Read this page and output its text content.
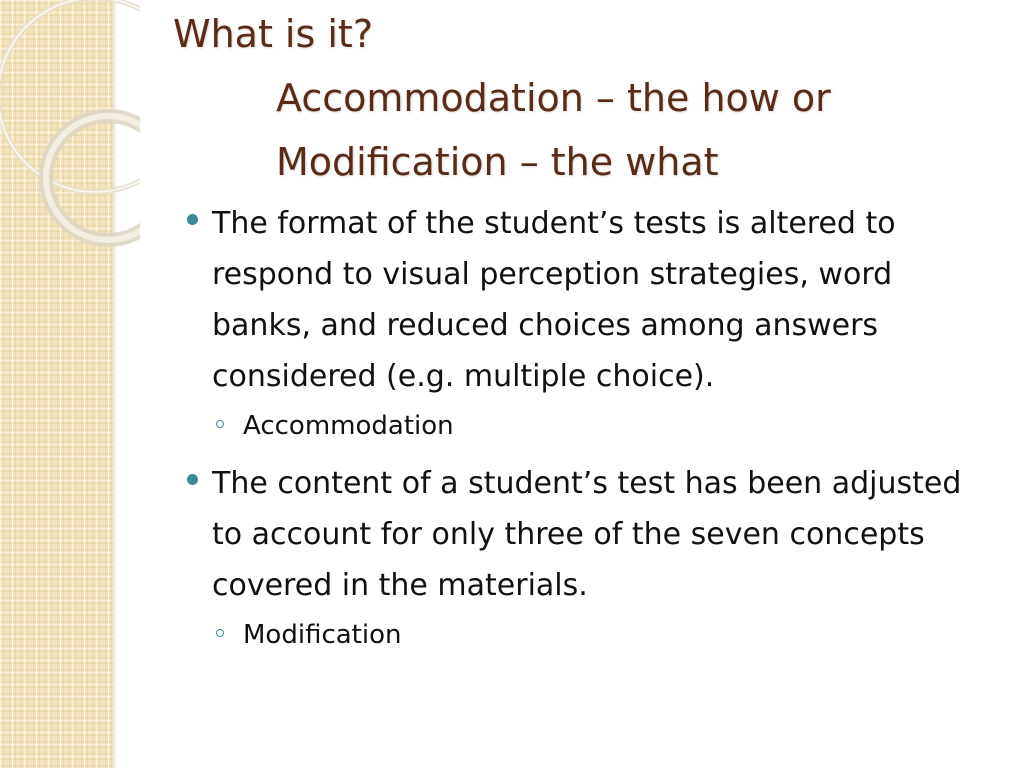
What is it?
Accommodation – the how or
Modification – the what
The format of the student’s tests is altered to respond to visual perception strategies, word banks, and reduced choices among answers considered (e.g. multiple choice).
Accommodation
The content of a student’s test has been adjusted to account for only three of the seven concepts covered in the materials.
Modification
